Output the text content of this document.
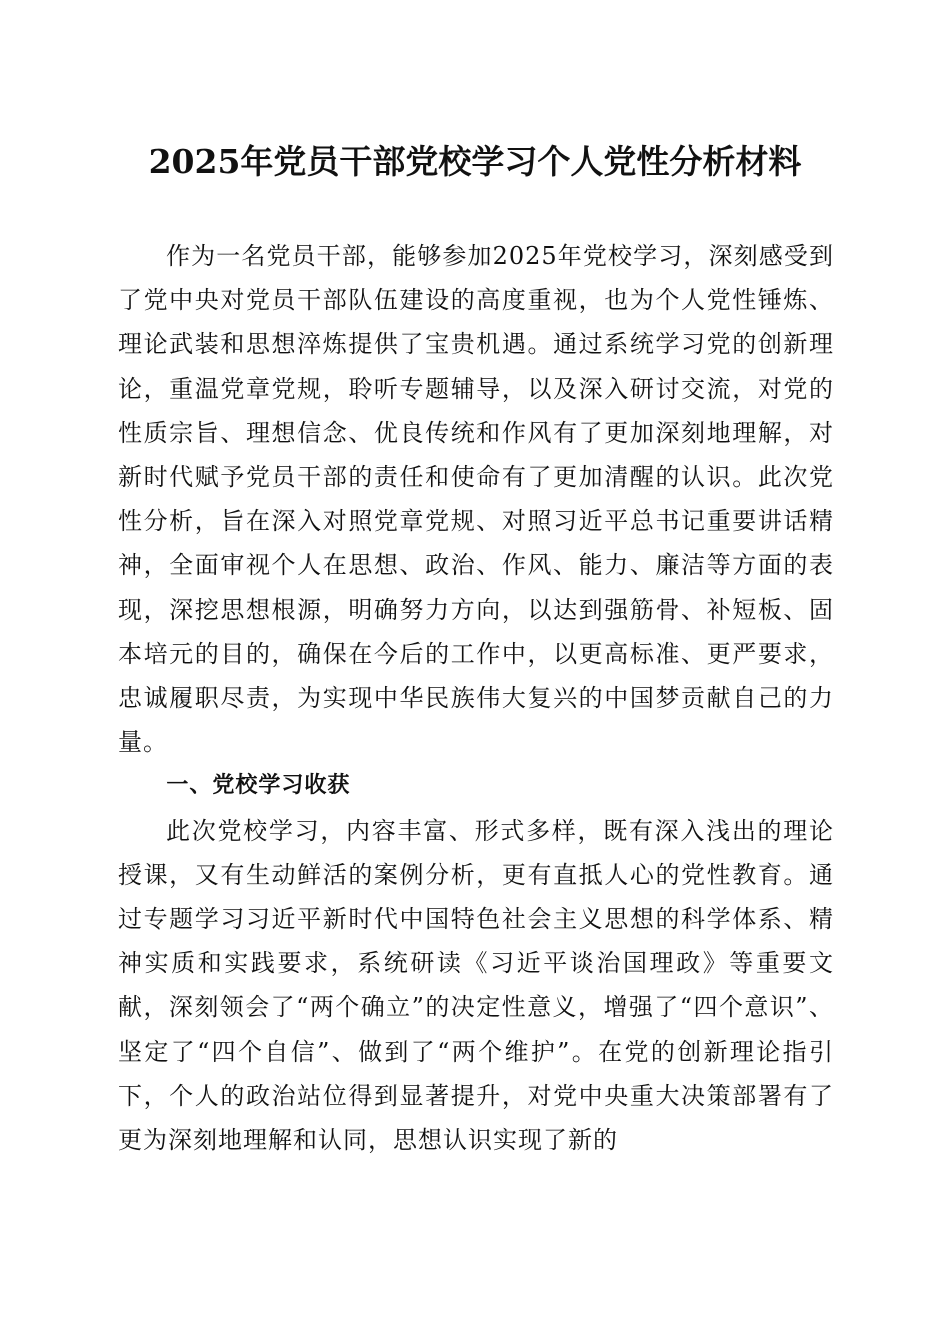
2025年党员干部党校学习个人党性分析材料

作为一名党员干部，能够参加2025年党校学习，深刻感受到了党中央对党员干部队伍建设的高度重视，也为个人党性锤炼、理论武装和思想淬炼提供了宝贵机遇。通过系统学习党的创新理论，重温党章党规，聆听专题辅导，以及深入研讨交流，对党的性质宗旨、理想信念、优良传统和作风有了更加深刻地理解，对新时代赋予党员干部的责任和使命有了更加清醒的认识。此次党性分析，旨在深入对照党章党规、对照习近平总书记重要讲话精神，全面审视个人在思想、政治、作风、能力、廉洁等方面的表现，深挖思想根源，明确努力方向，以达到强筋骨、补短板、固本培元的目的，确保在今后的工作中，以更高标准、更严要求，忠诚履职尽责，为实现中华民族伟大复兴的中国梦贡献自己的力量。

一、党校学习收获

此次党校学习，内容丰富、形式多样，既有深入浅出的理论授课，又有生动鲜活的案例分析，更有直抵人心的党性教育。通过专题学习习近平新时代中国特色社会主义思想的科学体系、精神实质和实践要求，系统研读《习近平谈治国理政》等重要文献，深刻领会了“两个确立”的决定性意义，增强了“四个意识”、坚定了“四个自信”、做到了“两个维护”。在党的创新理论指引下，个人的政治站位得到显著提升，对党中央重大决策部署有了更为深刻地理解和认同，思想认识实现了新的
